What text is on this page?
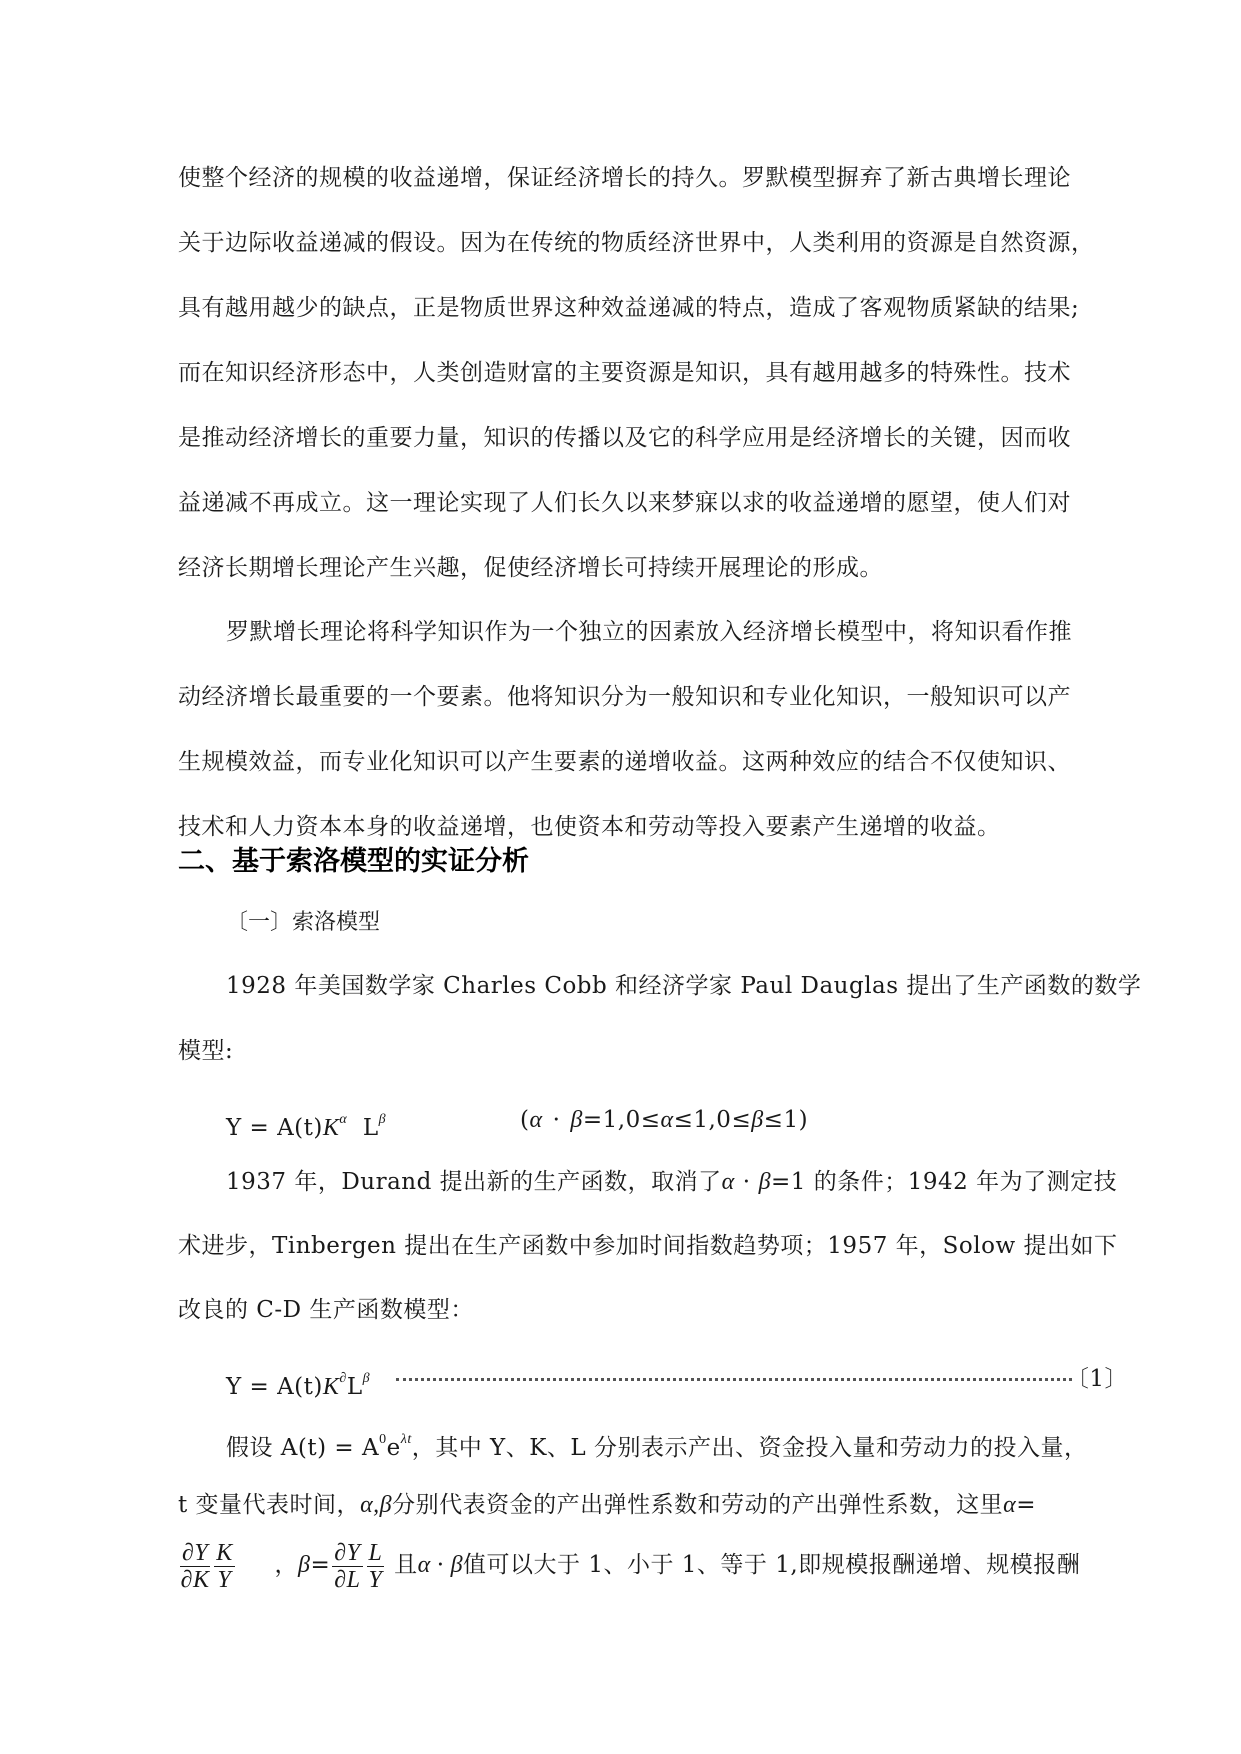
使整个经济的规模的收益递增，保证经济增长的持久。罗默模型摒弃了新古典增长理论
关于边际收益递减的假设。因为在传统的物质经济世界中，人类利用的资源是自然资源，
具有越用越少的缺点，正是物质世界这种效益递减的特点，造成了客观物质紧缺的结果;
而在知识经济形态中，人类创造财富的主要资源是知识，具有越用越多的特殊性。技术
是推动经济增长的重要力量，知识的传播以及它的科学应用是经济增长的关键，因而收
益递减不再成立。这一理论实现了人们长久以来梦寐以求的收益递增的愿望，使人们对
经济长期增长理论产生兴趣，促使经济增长可持续开展理论的形成。
罗默增长理论将科学知识作为一个独立的因素放入经济增长模型中，将知识看作推
动经济增长最重要的一个要素。他将知识分为一般知识和专业化知识，一般知识可以产
生规模效益，而专业化知识可以产生要素的递增收益。这两种效应的结合不仅使知识、
技术和人力资本本身的收益递增，也使资本和劳动等投入要素产生递增的收益。
二、基于索洛模型的实证分析
〔一〕索洛模型
1928 年美国数学家 Charles Cobb 和经济学家 Paul Dauglas 提出了生产函数的数学
模型:
$Y = A(t)K^\alpha$ $L^\beta$	(α · β=1,0≤α≤1,0≤β≤1)
1937 年，Durand 提出新的生产函数，取消了α · β=1 的条件；1942 年为了测定技
术进步，Tinbergen 提出在生产函数中参加时间指数趋势项；1957 年，Solow 提出如下
改良的 C-D 生产函数模型：
$Y = A(t)K^\partial L^\beta$	〔1〕
假设 $A(t) = A^0e^{\lambda t}$，其中 Y、K、L 分别表示产出、资金投入量和劳动力的投入量，
t 变量代表时间，α,β分别代表资金的产出弹性系数和劳动的产出弹性系数，这里α=
$\frac{\partial Y}{\partial K} \frac{K}{Y}$ ，$\beta= \frac{\partial Y}{\partial L} \frac{L}{Y}$ 且α · β值可以大于 1、小于 1、等于 1,即规模报酬递增、规模报酬
